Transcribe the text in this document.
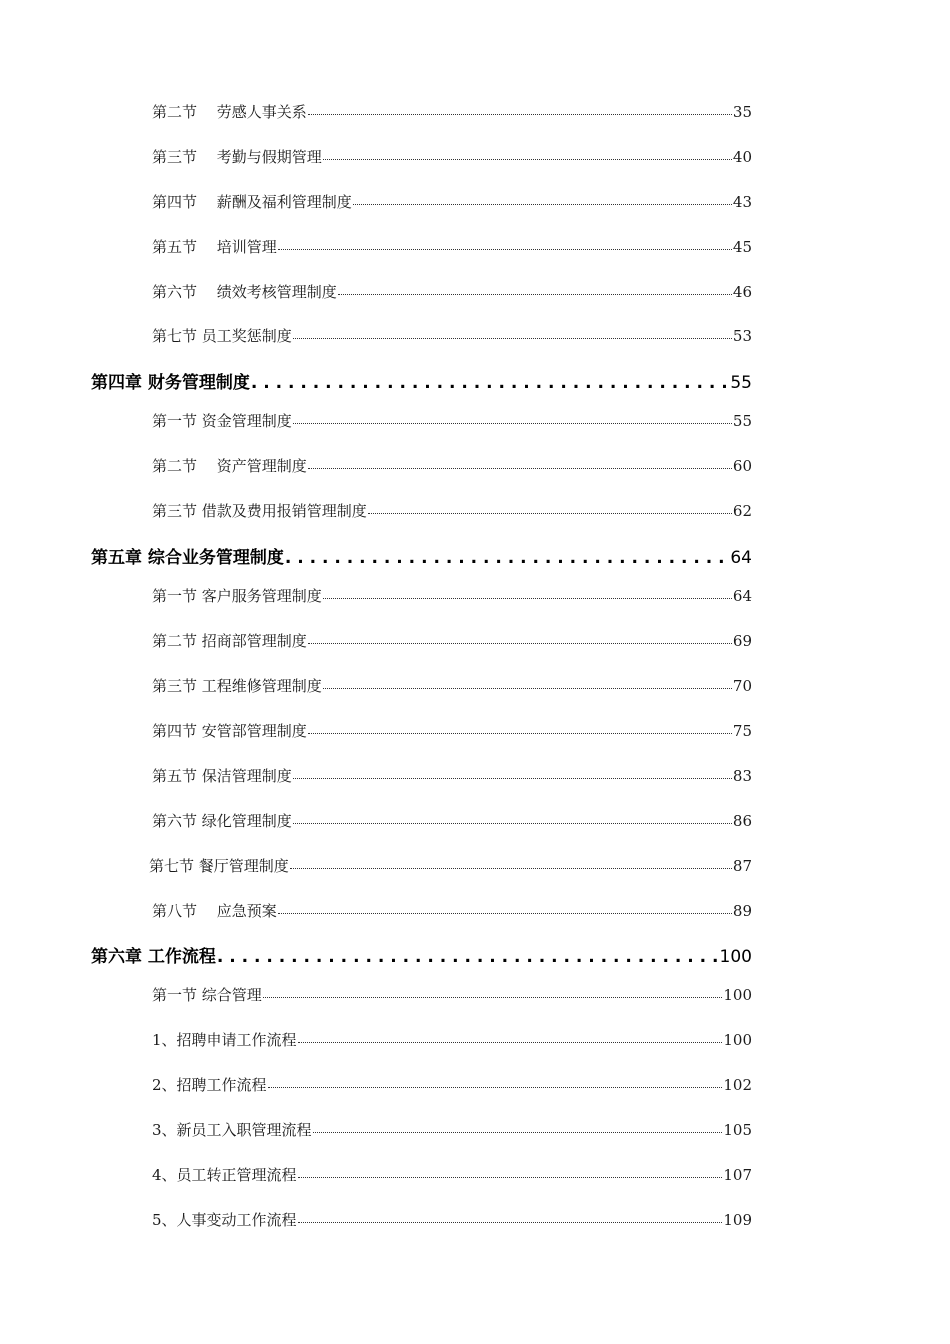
第二节　 劳感人事关系	35
第三节　 考勤与假期管理	40
第四节　 薪酬及福利管理制度	43
第五节　 培训管理	45
第六节　 绩效考核管理制度	46
第七节 员工奖惩制度	53
第四章 财务管理制度 . . .	55
第一节 资金管理制度	55
第二节　 资产管理制度	60
第三节 借款及费用报销管理制度	62
第五章 综合业务管理制度 . . .	64
第一节 客户服务管理制度	64
第二节 招商部管理制度	69
第三节 工程维修管理制度	70
第四节 安管部管理制度	75
第五节 保洁管理制度	83
第六节 绿化管理制度	86
第七节 餐厅管理制度	87
第八节　 应急预案	89
第六章 工作流程 . . .	100
第一节 综合管理	100
1、招聘申请工作流程	100
2、招聘工作流程	102
3、新员工入职管理流程	105
4、员工转正管理流程	107
5、人事变动工作流程	109
